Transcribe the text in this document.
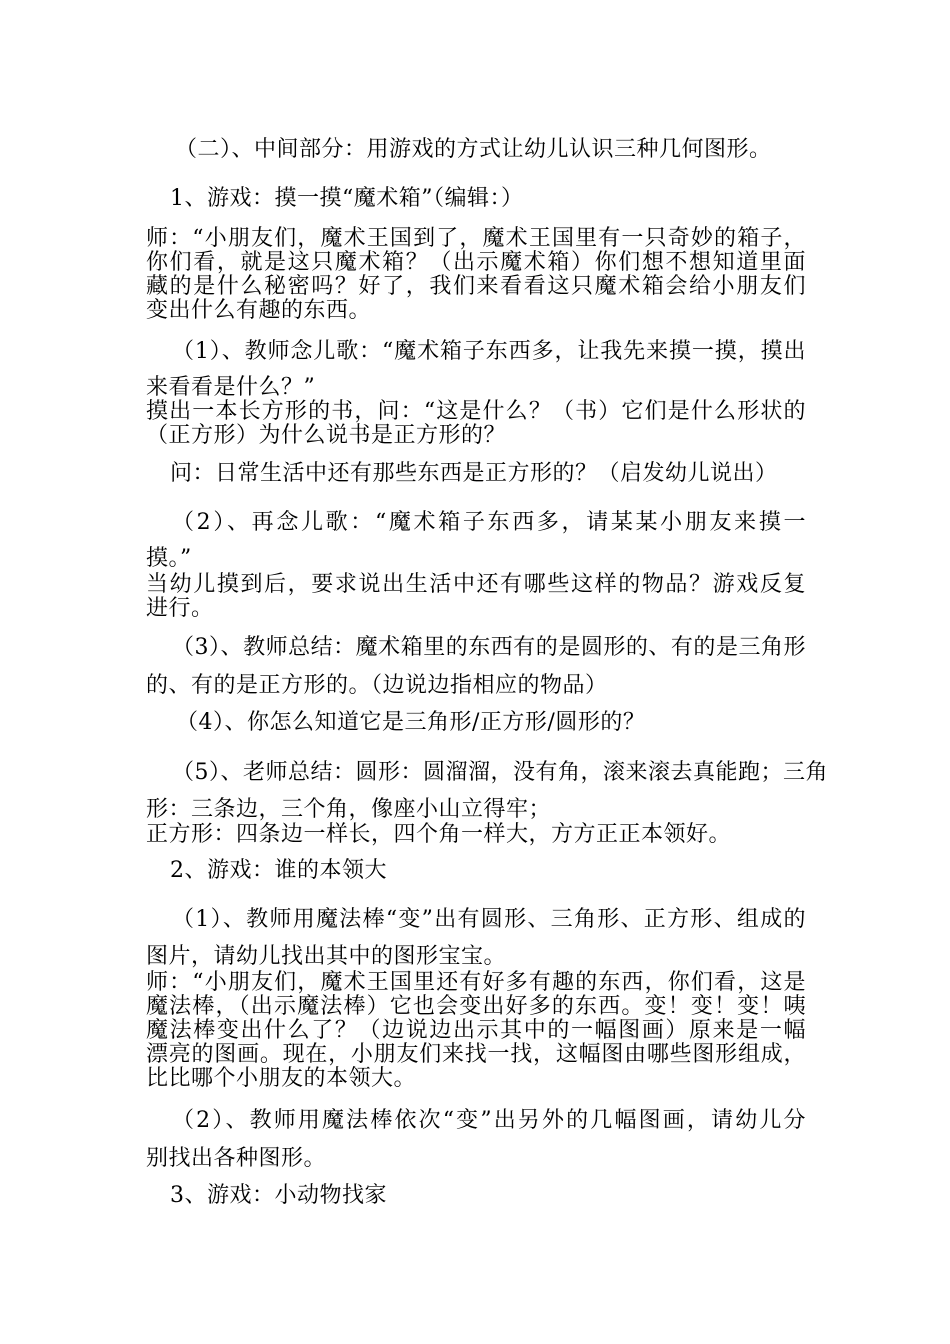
（二）、中间部分：用游戏的方式让幼儿认识三种几何图形。
1、游戏：摸一摸“魔术箱”（编辑：）
师：“小朋友们，魔术王国到了，魔术王国里有一只奇妙的箱子，
你们看，就是这只魔术箱？（出示魔术箱）你们想不想知道里面
藏的是什么秘密吗？好了，我们来看看这只魔术箱会给小朋友们
变出什么有趣的东西。
（1）、教师念儿歌：“魔术箱子东西多，让我先来摸一摸，摸出
来看看是什么？”
摸出一本长方形的书，问：“这是什么？（书）它们是什么形状的
（正方形）为什么说书是正方形的？
问：日常生活中还有那些东西是正方形的？（启发幼儿说出）
（2）、再念儿歌：“魔术箱子东西多，请某某小朋友来摸一
摸。”
当幼儿摸到后，要求说出生活中还有哪些这样的物品？游戏反复
进行。
（3）、教师总结：魔术箱里的东西有的是圆形的、有的是三角形
的、有的是正方形的。（边说边指相应的物品）
（4）、你怎么知道它是三角形/正方形/圆形的？
（5）、老师总结：圆形：圆溜溜，没有角，滚来滚去真能跑；三角
形：三条边，三个角，像座小山立得牢；
正方形：四条边一样长，四个角一样大，方方正正本领好。
2、游戏：谁的本领大
（1）、教师用魔法棒“变”出有圆形、三角形、正方形、组成的
图片，请幼儿找出其中的图形宝宝。
师：“小朋友们，魔术王国里还有好多有趣的东西，你们看，这是
魔法棒，（出示魔法棒）它也会变出好多的东西。变！变！变！咦
魔法棒变出什么了？（边说边出示其中的一幅图画）原来是一幅
漂亮的图画。现在，小朋友们来找一找，这幅图由哪些图形组成，
比比哪个小朋友的本领大。
（2）、教师用魔法棒依次“变”出另外的几幅图画，请幼儿分
别找出各种图形。
3、游戏：小动物找家
